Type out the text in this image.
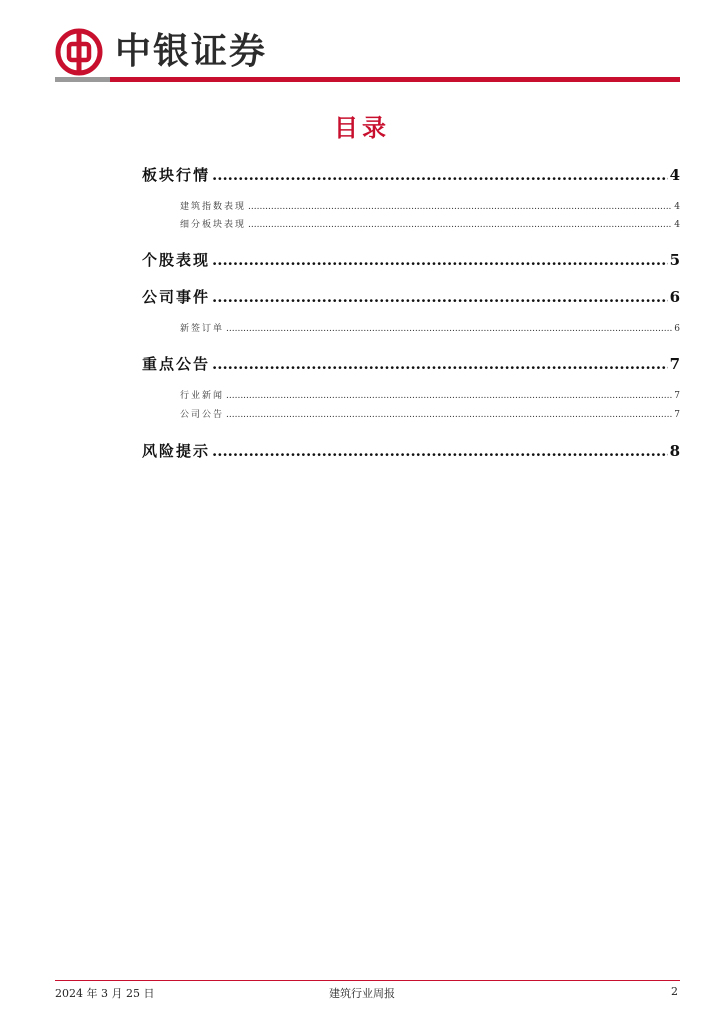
中银证券
目录
板块行情 .....	4
建筑指数表现 .....	4
细分板块表现 .....	4
个股表现 .....	5
公司事件 .....	6
新签订单 .....	6
重点公告 .....	7
行业新闻 .....	7
公司公告 .....	7
风险提示 .....	8
2024 年 3 月 25 日	建筑行业周报	2
